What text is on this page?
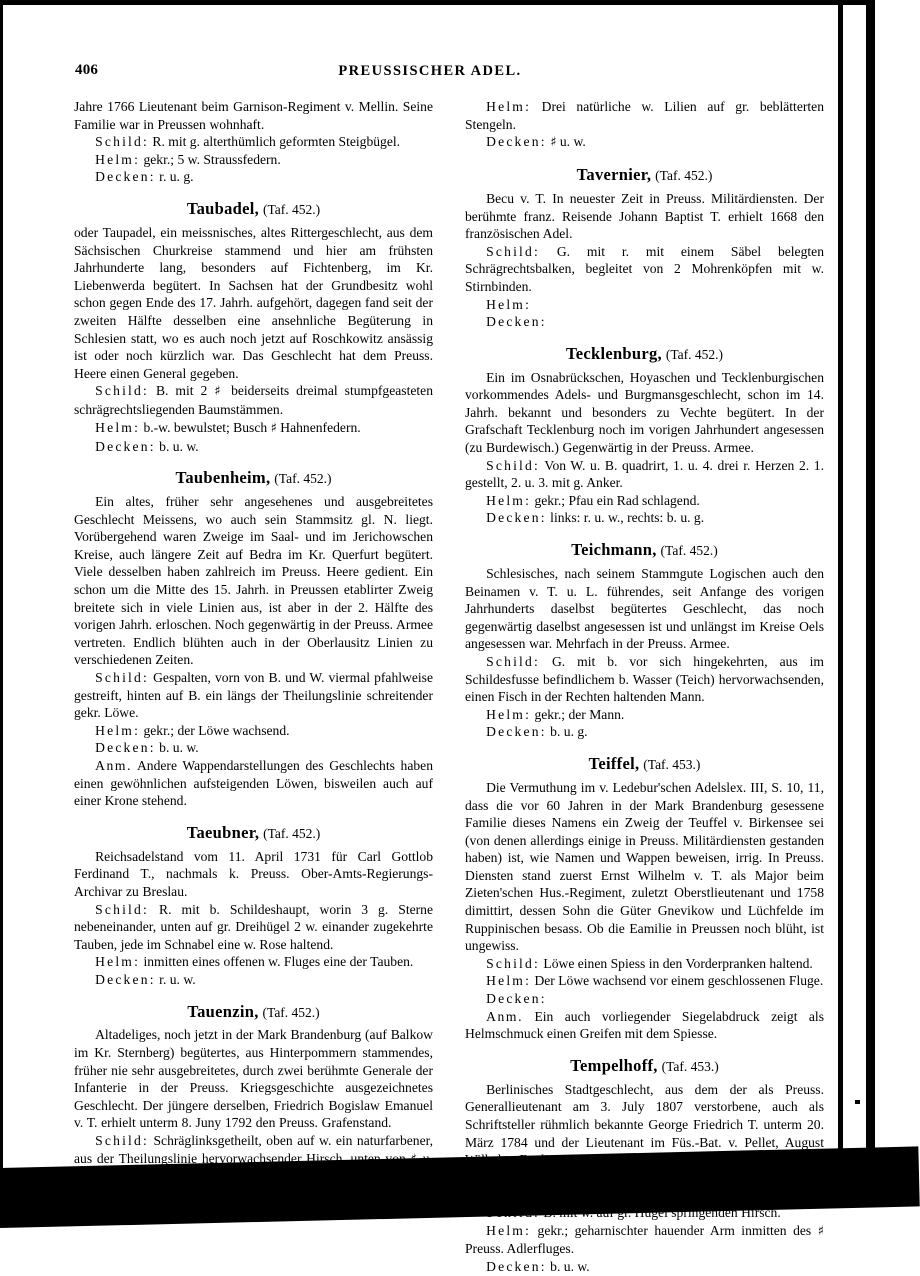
406	PREUSSISCHER ADEL.

Jahre 1766 Lieutenant beim Garnison-Regiment v. Mellin. Seine Familie war in Preussen wohnhaft.

Schild: R. mit g. alterthümlich geformten Steigbügel.

Helm: gekr.; 5 w. Straussfedern.

Decken: r. u. g.

Taubadel, (Taf. 452.)

oder Taupadel, ein meissnisches, altes Rittergeschlecht, aus dem Sächsischen Churkreise stammend und hier am frühsten Jahrhunderte lang, besonders auf Fichtenberg, im Kr. Liebenwerda begütert. In Sachsen hat der Grundbesitz wohl schon gegen Ende des 17. Jahrh. aufgehört, dagegen fand seit der zweiten Hälfte desselben eine ansehnliche Begüterung in Schlesien statt, wo es auch noch jetzt auf Roschkowitz ansässig ist oder noch kürzlich war. Das Geschlecht hat dem Preuss. Heere einen General gegeben.

Schild: B. mit 2 ♯ beiderseits dreimal stumpfgeasteten schrägrechtsliegenden Baumstämmen.

Helm: b.-w. bewulstet; Busch ♯ Hahnenfedern.

Decken: b. u. w.

Taubenheim, (Taf. 452.)

Ein altes, früher sehr angesehenes und ausgebreitetes Geschlecht Meissens, wo auch sein Stammsitz gl. N. liegt. Vorübergehend waren Zweige im Saal- und im Jerichowschen Kreise, auch längere Zeit auf Bedra im Kr. Querfurt begütert. Viele desselben haben zahlreich im Preuss. Heere gedient. Ein schon um die Mitte des 15. Jahrh. in Preussen etablirter Zweig breitete sich in viele Linien aus, ist aber in der 2. Hälfte des vorigen Jahrh. erloschen. Noch gegenwärtig in der Preuss. Armee vertreten. Endlich blühten auch in der Oberlausitz Linien zu verschiedenen Zeiten.

Schild: Gespalten, vorn von B. und W. viermal pfahlweise gestreift, hinten auf B. ein längs der Theilungslinie schreitender gekr. Löwe.

Helm: gekr.; der Löwe wachsend.

Decken: b. u. w.

Anm. Andere Wappendarstellungen des Geschlechts haben einen gewöhnlichen aufsteigenden Löwen, bisweilen auch auf einer Krone stehend.

Taeubner, (Taf. 452.)

Reichsadelstand vom 11. April 1731 für Carl Gottlob Ferdinand T., nachmals k. Preuss. Ober-Amts-Regierungs-Archivar zu Breslau.

Schild: R. mit b. Schildeshaupt, worin 3 g. Sterne nebeneinander, unten auf gr. Dreihügel 2 w. einander zugekehrte Tauben, jede im Schnabel eine w. Rose haltend.

Helm: inmitten eines offenen w. Fluges eine der Tauben.

Decken: r. u. w.

Tauenzin, (Taf. 452.)

Altadeliges, noch jetzt in der Mark Brandenburg (auf Balkow im Kr. Sternberg) begütertes, aus Hinterpommern stammendes, früher nie sehr ausgebreitetes, durch zwei berühmte Generale der Infanterie in der Preuss. Kriegsgeschichte ausgezeichnetes Geschlecht. Der jüngere derselben, Friedrich Bogislaw Emanuel v. T. erhielt unterm 8. Juny 1792 den Preuss. Grafenstand.

Schild: Schräglinksgetheilt, oben auf w. ein naturfarbener, aus der Theilungslinie hervorwachsender Hirsch, unten von ♯ u. w. geschacht.

Helm: Drei natürliche w. Lilien auf gr. beblätterten Stengeln.

Decken: ♯ u. w.

Tavernier, (Taf. 452.)

Becu v. T. In neuester Zeit in Preuss. Militärdiensten. Der berühmte franz. Reisende Johann Baptist T. erhielt 1668 den französischen Adel.

Schild: G. mit r. mit einem Säbel belegten Schrägrechtsbalken, begleitet von 2 Mohrenköpfen mit w. Stirnbinden.

Helm:

Decken:

Tecklenburg, (Taf. 452.)

Ein im Osnabrückschen, Hoyaschen und Tecklenburgischen vorkommendes Adels- und Burgmansgeschlecht, schon im 14. Jahrh. bekannt und besonders zu Vechte begütert. In der Grafschaft Tecklenburg noch im vorigen Jahrhundert angesessen (zu Burdewisch.) Gegenwärtig in der Preuss. Armee.

Schild: Von W. u. B. quadrirt, 1. u. 4. drei r. Herzen 2. 1. gestellt, 2. u. 3. mit g. Anker.

Helm: gekr.; Pfau ein Rad schlagend.

Decken: links: r. u. w., rechts: b. u. g.

Teichmann, (Taf. 452.)

Schlesisches, nach seinem Stammgute Logischen auch den Beinamen v. T. u. L. führendes, seit Anfange des vorigen Jahrhunderts daselbst begütertes Geschlecht, das noch gegenwärtig daselbst angesessen ist und unlängst im Kreise Oels angesessen war. Mehrfach in der Preuss. Armee.

Schild: G. mit b. vor sich hingekehrten, aus im Schildesfusse befindlichem b. Wasser (Teich) hervorwachsenden, einen Fisch in der Rechten haltenden Mann.

Helm: gekr.; der Mann.

Decken: b. u. g.

Teiffel, (Taf. 453.)

Die Vermuthung im v. Ledebur'schen Adelslex. III, S. 10, 11, dass die vor 60 Jahren in der Mark Brandenburg gesessene Familie dieses Namens ein Zweig der Teuffel v. Birkensee sei (von denen allerdings einige in Preuss. Militärdiensten gestanden haben) ist, wie Namen und Wappen beweisen, irrig. In Preuss. Diensten stand zuerst Ernst Wilhelm v. T. als Major beim Zieten'schen Hus.-Regiment, zuletzt Oberstlieutenant und 1758 dimittirt, dessen Sohn die Güter Gnevikow und Lüchfelde im Ruppinischen besass. Ob die Eamilie in Preussen noch blüht, ist ungewiss.

Schild: Löwe einen Spiess in den Vorderpranken haltend.

Helm: Der Löwe wachsend vor einem geschlossenen Fluge.

Decken:

Anm. Ein auch vorliegender Siegelabdruck zeigt als Helmschmuck einen Greifen mit dem Spiesse.

Tempelhoff, (Taf. 453.)

Berlinisches Stadtgeschlecht, aus dem der als Preuss. Generallieutenant am 3. July 1807 verstorbene, auch als Schriftsteller rühmlich bekannte George Friedrich T. unterm 20. März 1784 und der Lieutenant im Füs.-Bat. v. Pellet, August Wilhelm Ferdinand T. unterm 25. März 1802 in den Preuss. Adelstand erhoben wurde. Begüterung noch gegenwärtig in der Provinz Posen.

Schild: B. mit w. auf gr. Hügel springenden Hirsch.

Helm: gekr.; geharnischter hauender Arm inmitten des ♯ Preuss. Adlerfluges.

Decken: b. u. w.
